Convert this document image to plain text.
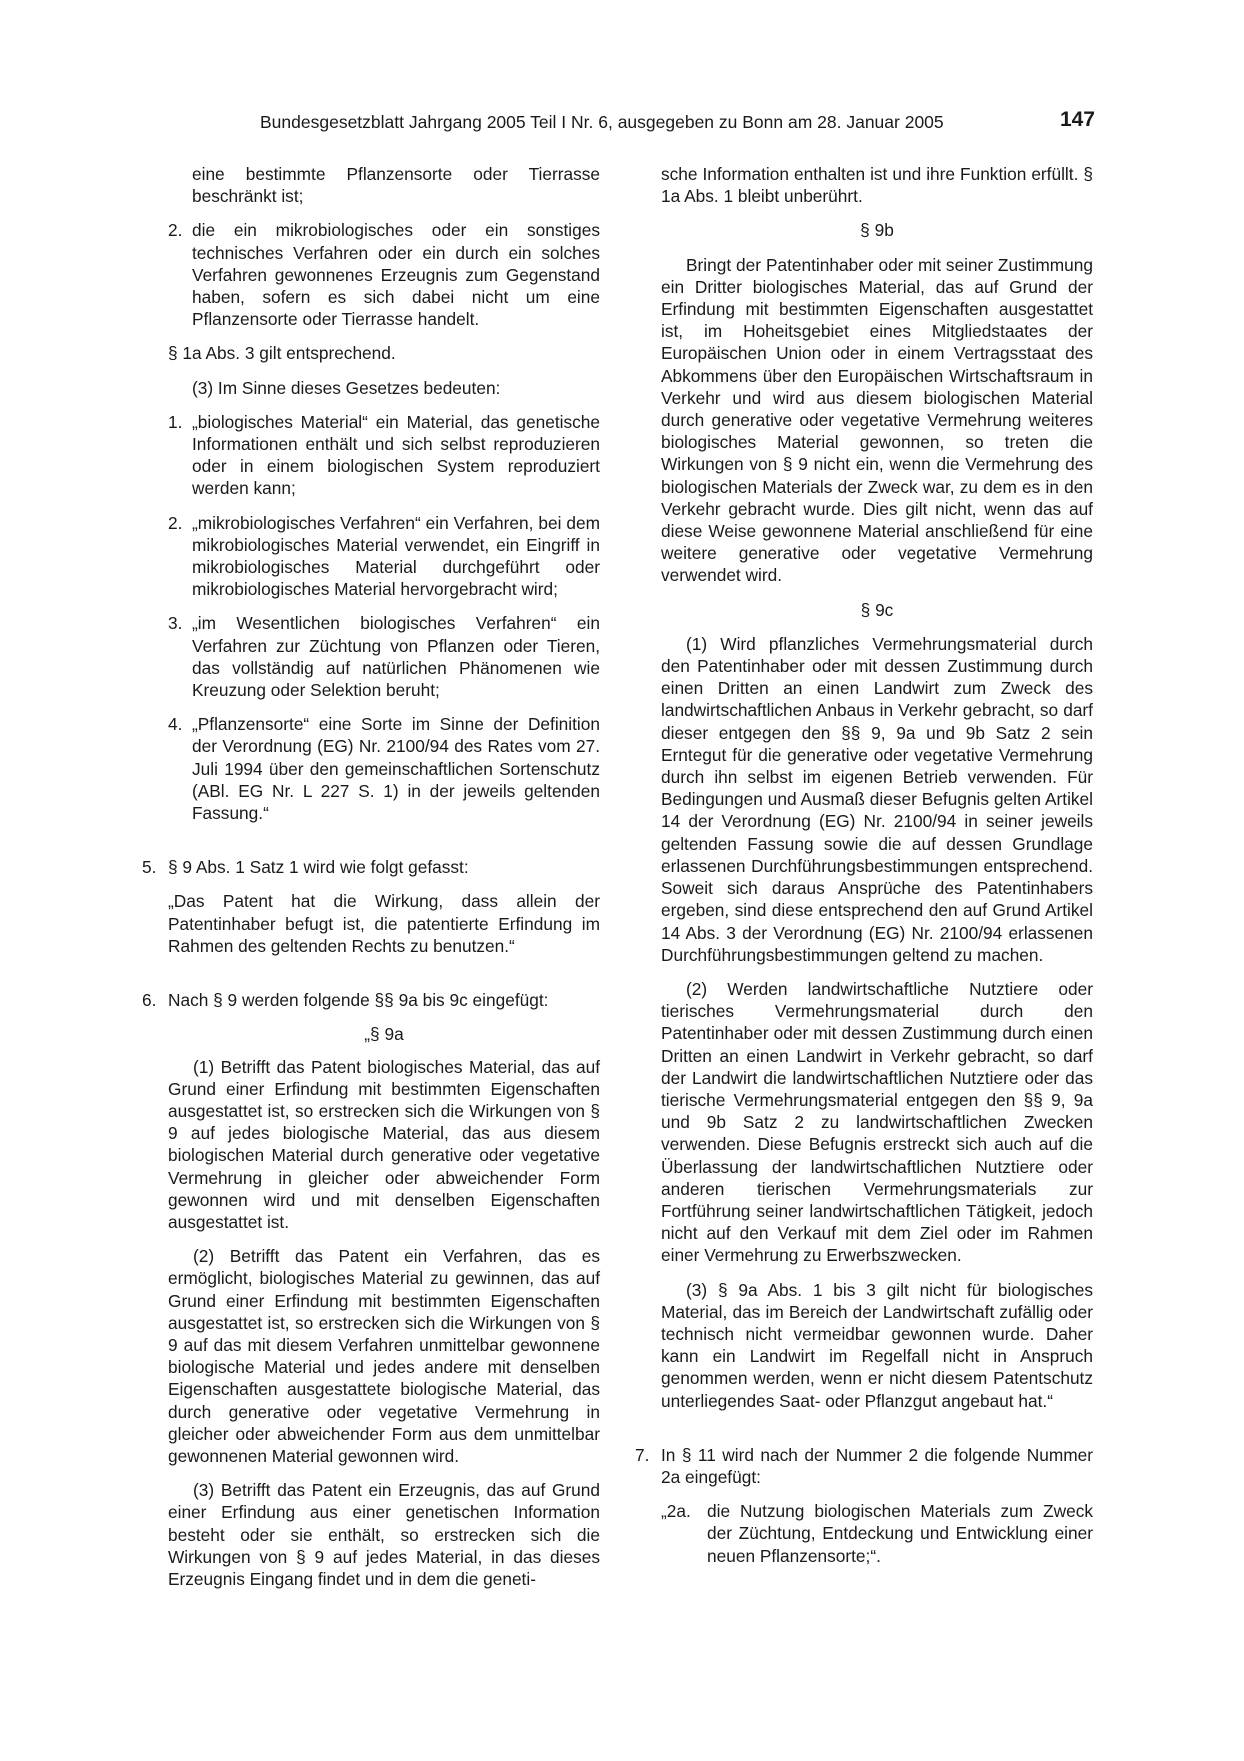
Bundesgesetzblatt Jahrgang 2005 Teil I Nr. 6, ausgegeben zu Bonn am 28. Januar 2005	147

eine bestimmte Pflanzensorte oder Tierrasse beschränkt ist;

2. die ein mikrobiologisches oder ein sonstiges technisches Verfahren oder ein durch ein solches Verfahren gewonnenes Erzeugnis zum Gegenstand haben, sofern es sich dabei nicht um eine Pflanzensorte oder Tierrasse handelt.

§ 1a Abs. 3 gilt entsprechend.

(3) Im Sinne dieses Gesetzes bedeuten:

1. „biologisches Material“ ein Material, das genetische Informationen enthält und sich selbst reproduzieren oder in einem biologischen System reproduziert werden kann;
2. „mikrobiologisches Verfahren“ ein Verfahren, bei dem mikrobiologisches Material verwendet, ein Eingriff in mikrobiologisches Material durchgeführt oder mikrobiologisches Material hervorgebracht wird;
3. „im Wesentlichen biologisches Verfahren“ ein Verfahren zur Züchtung von Pflanzen oder Tieren, das vollständig auf natürlichen Phänomenen wie Kreuzung oder Selektion beruht;
4. „Pflanzensorte“ eine Sorte im Sinne der Definition der Verordnung (EG) Nr. 2100/94 des Rates vom 27. Juli 1994 über den gemeinschaftlichen Sortenschutz (ABl. EG Nr. L 227 S. 1) in der jeweils geltenden Fassung.“
5. § 9 Abs. 1 Satz 1 wird wie folgt gefasst:

„Das Patent hat die Wirkung, dass allein der Patentinhaber befugt ist, die patentierte Erfindung im Rahmen des geltenden Rechts zu benutzen.“

6. Nach § 9 werden folgende §§ 9a bis 9c eingefügt:

„§ 9a

(1) Betrifft das Patent biologisches Material, das auf Grund einer Erfindung mit bestimmten Eigenschaften ausgestattet ist, so erstrecken sich die Wirkungen von § 9 auf jedes biologische Material, das aus diesem biologischen Material durch generative oder vegetative Vermehrung in gleicher oder abweichender Form gewonnen wird und mit denselben Eigenschaften ausgestattet ist.

(2) Betrifft das Patent ein Verfahren, das es ermöglicht, biologisches Material zu gewinnen, das auf Grund einer Erfindung mit bestimmten Eigenschaften ausgestattet ist, so erstrecken sich die Wirkungen von § 9 auf das mit diesem Verfahren unmittelbar gewonnene biologische Material und jedes andere mit denselben Eigenschaften ausgestattete biologische Material, das durch generative oder vegetative Vermehrung in gleicher oder abweichender Form aus dem unmittelbar gewonnenen Material gewonnen wird.

(3) Betrifft das Patent ein Erzeugnis, das auf Grund einer Erfindung aus einer genetischen Information besteht oder sie enthält, so erstrecken sich die Wirkungen von § 9 auf jedes Material, in das dieses Erzeugnis Eingang findet und in dem die geneti-

sche Information enthalten ist und ihre Funktion erfüllt. § 1a Abs. 1 bleibt unberührt.

§ 9b

Bringt der Patentinhaber oder mit seiner Zustimmung ein Dritter biologisches Material, das auf Grund der Erfindung mit bestimmten Eigenschaften ausgestattet ist, im Hoheitsgebiet eines Mitgliedstaates der Europäischen Union oder in einem Vertragsstaat des Abkommens über den Europäischen Wirtschaftsraum in Verkehr und wird aus diesem biologischen Material durch generative oder vegetative Vermehrung weiteres biologisches Material gewonnen, so treten die Wirkungen von § 9 nicht ein, wenn die Vermehrung des biologischen Materials der Zweck war, zu dem es in den Verkehr gebracht wurde. Dies gilt nicht, wenn das auf diese Weise gewonnene Material anschließend für eine weitere generative oder vegetative Vermehrung verwendet wird.

§ 9c

(1) Wird pflanzliches Vermehrungsmaterial durch den Patentinhaber oder mit dessen Zustimmung durch einen Dritten an einen Landwirt zum Zweck des landwirtschaftlichen Anbaus in Verkehr gebracht, so darf dieser entgegen den §§ 9, 9a und 9b Satz 2 sein Erntegut für die generative oder vegetative Vermehrung durch ihn selbst im eigenen Betrieb verwenden. Für Bedingungen und Ausmaß dieser Befugnis gelten Artikel 14 der Verordnung (EG) Nr. 2100/94 in seiner jeweils geltenden Fassung sowie die auf dessen Grundlage erlassenen Durchführungsbestimmungen entsprechend. Soweit sich daraus Ansprüche des Patentinhabers ergeben, sind diese entsprechend den auf Grund Artikel 14 Abs. 3 der Verordnung (EG) Nr. 2100/94 erlassenen Durchführungsbestimmungen geltend zu machen.

(2) Werden landwirtschaftliche Nutztiere oder tierisches Vermehrungsmaterial durch den Patentinhaber oder mit dessen Zustimmung durch einen Dritten an einen Landwirt in Verkehr gebracht, so darf der Landwirt die landwirtschaftlichen Nutztiere oder das tierische Vermehrungsmaterial entgegen den §§ 9, 9a und 9b Satz 2 zu landwirtschaftlichen Zwecken verwenden. Diese Befugnis erstreckt sich auch auf die Überlassung der landwirtschaftlichen Nutztiere oder anderen tierischen Vermehrungsmaterials zur Fortführung seiner landwirtschaftlichen Tätigkeit, jedoch nicht auf den Verkauf mit dem Ziel oder im Rahmen einer Vermehrung zu Erwerbszwecken.

(3) § 9a Abs. 1 bis 3 gilt nicht für biologisches Material, das im Bereich der Landwirtschaft zufällig oder technisch nicht vermeidbar gewonnen wurde. Daher kann ein Landwirt im Regelfall nicht in Anspruch genommen werden, wenn er nicht diesem Patentschutz unterliegendes Saat- oder Pflanzgut angebaut hat.“

7. In § 11 wird nach der Nummer 2 die folgende Nummer 2a eingefügt:
„2a. die Nutzung biologischen Materials zum Zweck der Züchtung, Entdeckung und Entwicklung einer neuen Pflanzensorte;“.
